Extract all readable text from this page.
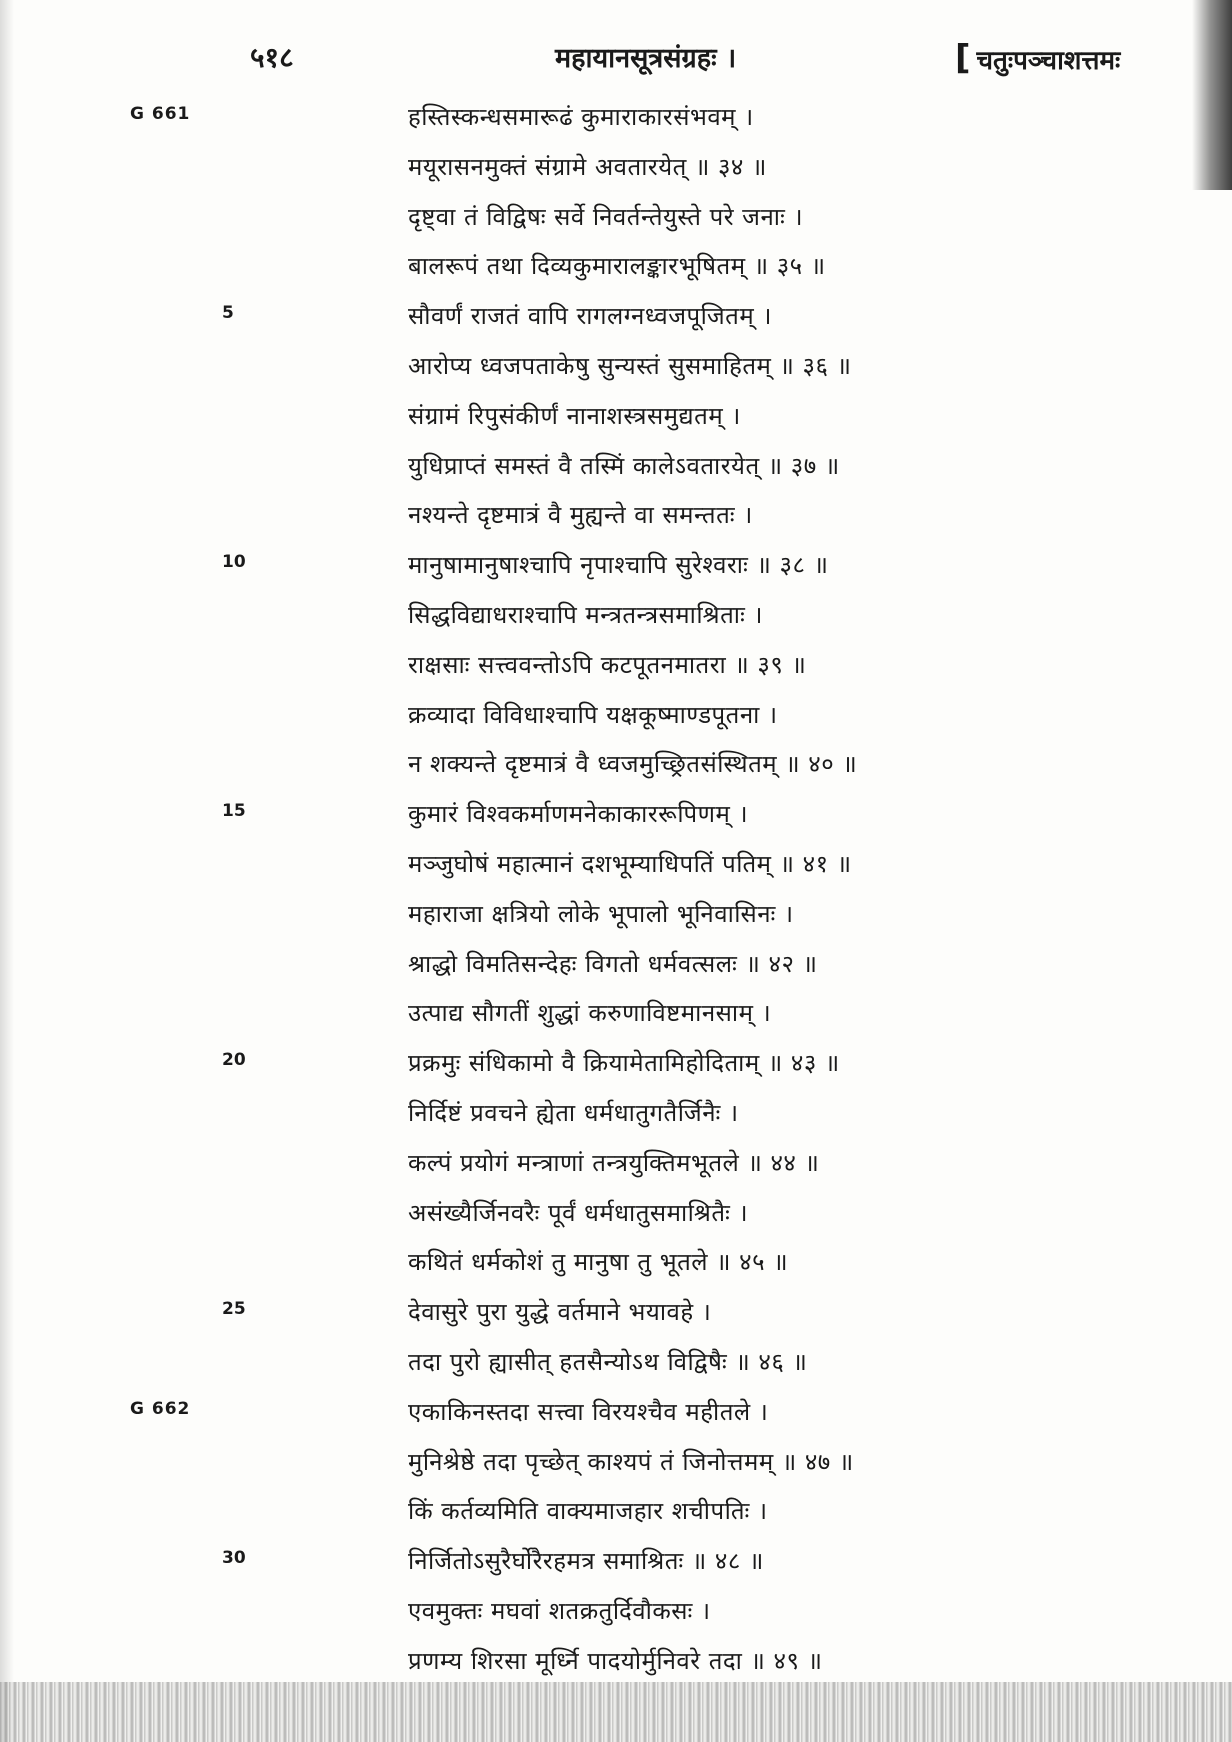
५१८	महायानसूत्रसंग्रहः ।	[ चतुःपञ्चाशत्तमः
G 661	हस्तिस्कन्धसमारूढं कुमाराकारसंभवम् ।
मयूरासनमुक्तं संग्रामे अवतारयेत् ॥ ३४ ॥
दृष्ट्वा तं विद्विषः सर्वे निवर्तन्तेयुस्ते परे जनाः ।
बालरूपं तथा दिव्यकुमारालङ्कारभूषितम् ॥ ३५ ॥
5	सौवर्णं राजतं वापि रागलग्नध्वजपूजितम् ।
आरोप्य ध्वजपताकेषु सुन्यस्तं सुसमाहितम् ॥ ३६ ॥
संग्रामं रिपुसंकीर्णं नानाशस्त्रसमुद्यतम् ।
युधिप्राप्तं समस्तं वै तस्मिं कालेऽवतारयेत् ॥ ३७ ॥
नश्यन्ते दृष्टमात्रं वै मुह्यन्ते वा समन्ततः ।
10	मानुषामानुषाश्चापि नृपाश्चापि सुरेश्वराः ॥ ३८ ॥
सिद्धविद्याधराश्चापि मन्त्रतन्त्रसमाश्रिताः ।
राक्षसाः सत्त्ववन्तोऽपि कटपूतनमातरा ॥ ३९ ॥
क्रव्यादा विविधाश्चापि यक्षकूष्माण्डपूतना ।
न शक्यन्ते दृष्टमात्रं वै ध्वजमुच्छ्रितसंस्थितम् ॥ ४० ॥
15	कुमारं विश्वकर्माणमनेकाकाररूपिणम् ।
मञ्जुघोषं महात्मानं दशभूम्याधिपतिं पतिम् ॥ ४१ ॥
महाराजा क्षत्रियो लोके भूपालो भूनिवासिनः ।
श्राद्धो विमतिसन्देहः विगतो धर्मवत्सलः ॥ ४२ ॥
उत्पाद्य सौगतीं शुद्धां करुणाविष्टमानसाम् ।
20	प्रक्रमुः संधिकामो वै क्रियामेतामिहोदिताम् ॥ ४३ ॥
निर्दिष्टं प्रवचने ह्येता धर्मधातुगतैर्जिनैः ।
कल्पं प्रयोगं मन्त्राणां तन्त्रयुक्तिमभूतले ॥ ४४ ॥
असंख्यैर्जिनवरैः पूर्वं धर्मधातुसमाश्रितैः ।
कथितं धर्मकोशं तु मानुषा तु भूतले ॥ ४५ ॥
25	देवासुरे पुरा युद्धे वर्तमाने भयावहे ।
तदा पुरो ह्यासीत् हतसैन्योऽथ विद्विषैः ॥ ४६ ॥
G 662	एकाकिनस्तदा सत्त्वा विरयश्चैव महीतले ।
मुनिश्रेष्ठे तदा पृच्छेत् काश्यपं तं जिनोत्तमम् ॥ ४७ ॥
किं कर्तव्यमिति वाक्यमाजहार शचीपतिः ।
30	निर्जितोऽसुरैर्घोरैरहमत्र समाश्रितः ॥ ४८ ॥
एवमुक्तः मघवां शतक्रतुर्दिवौकसः ।
प्रणम्य शिरसा मूर्ध्नि पादयोर्मुनिवरे तदा ॥ ४९ ॥
